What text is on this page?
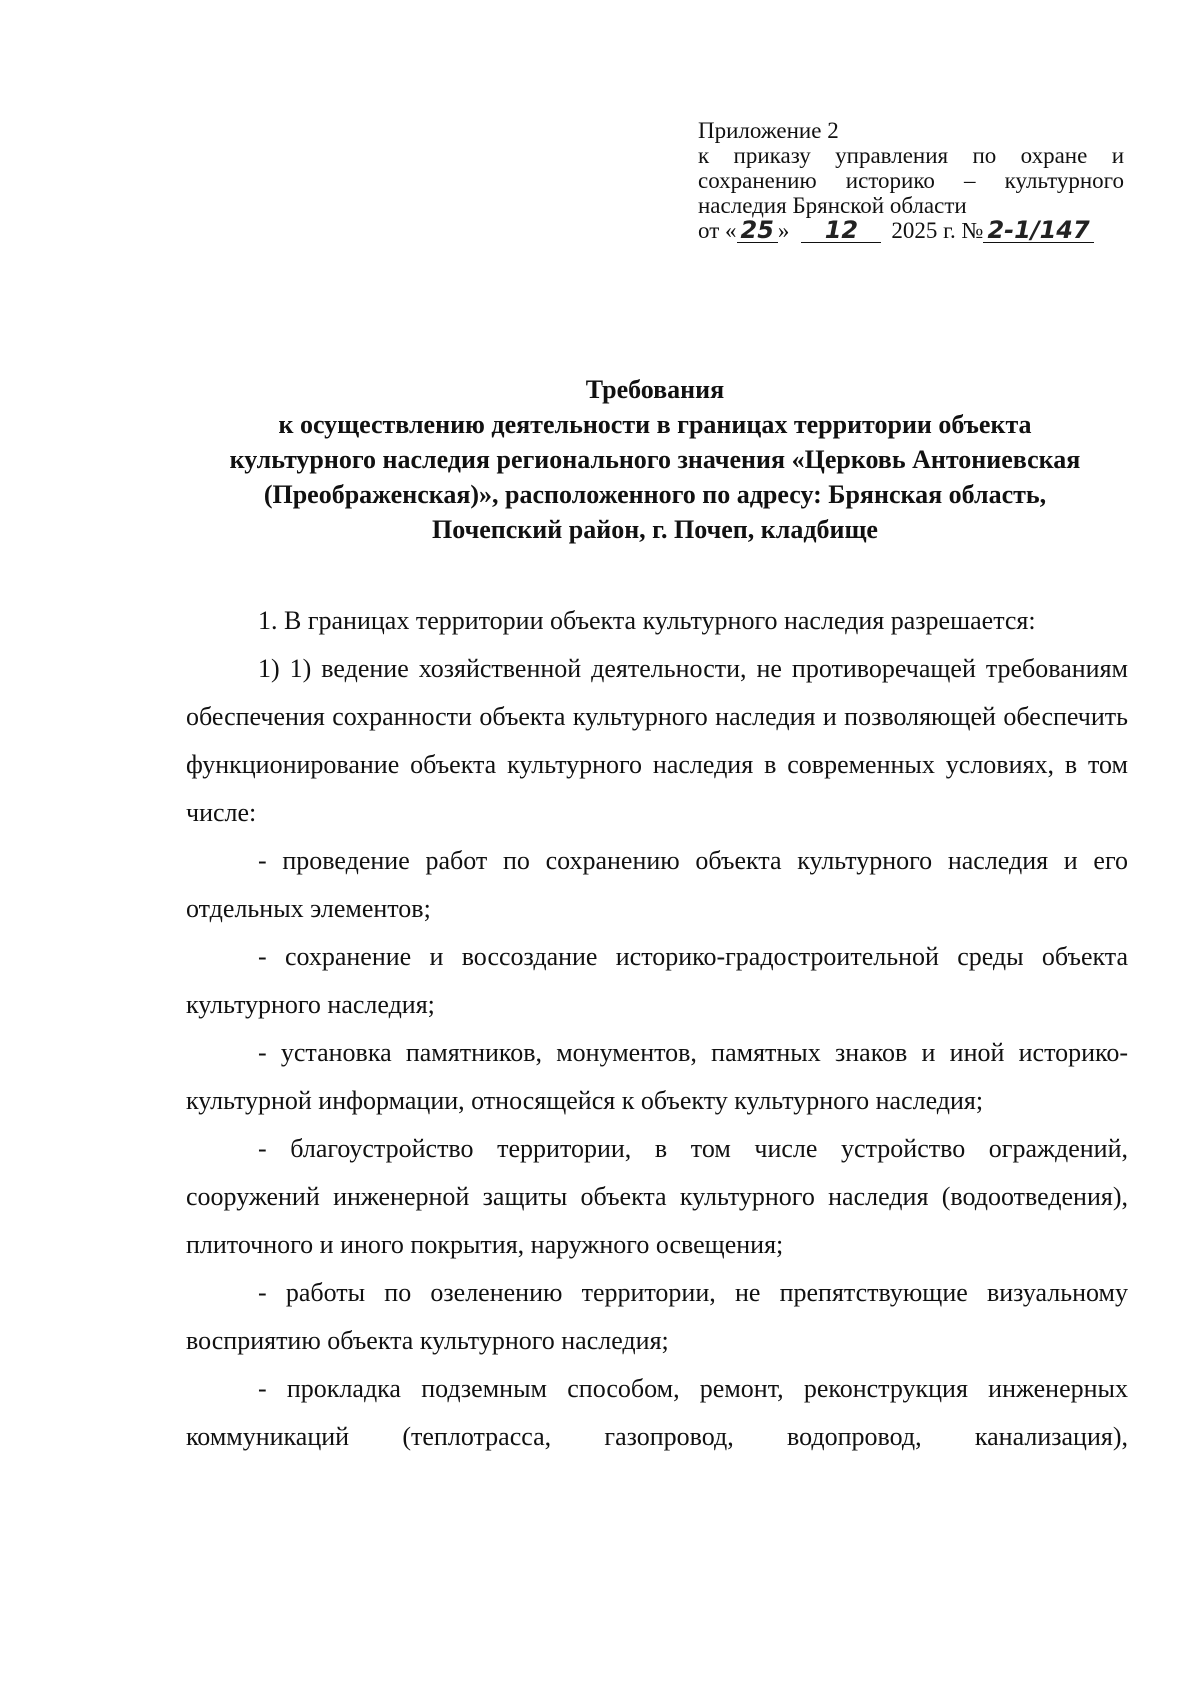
Приложение 2
к приказу управления по охране и
сохранению историко – культурного
наследия Брянской области
от « 25 »	12	2025 г. № 2-1/147
Требования
к осуществлению деятельности в границах территории объекта
культурного наследия регионального значения «Церковь Антониевская
(Преображенская)», расположенного по адресу: Брянская область,
Почепский район, г. Почеп, кладбище
1. В границах территории объекта культурного наследия разрешается:
1) 1) ведение хозяйственной деятельности, не противоречащей требованиям обеспечения сохранности объекта культурного наследия и позволяющей обеспечить функционирование объекта культурного наследия в современных условиях, в том числе:
- проведение работ по сохранению объекта культурного наследия и его отдельных элементов;
- сохранение и воссоздание историко-градостроительной среды объекта культурного наследия;
- установка памятников, монументов, памятных знаков и иной историко-культурной информации, относящейся к объекту культурного наследия;
- благоустройство территории, в том числе устройство ограждений, сооружений инженерной защиты объекта культурного наследия (водоотведения), плиточного и иного покрытия, наружного освещения;
- работы по озеленению территории, не препятствующие визуальному восприятию объекта культурного наследия;
- прокладка подземным способом, ремонт, реконструкция инженерных коммуникаций (теплотрасса, газопровод, водопровод, канализация),
